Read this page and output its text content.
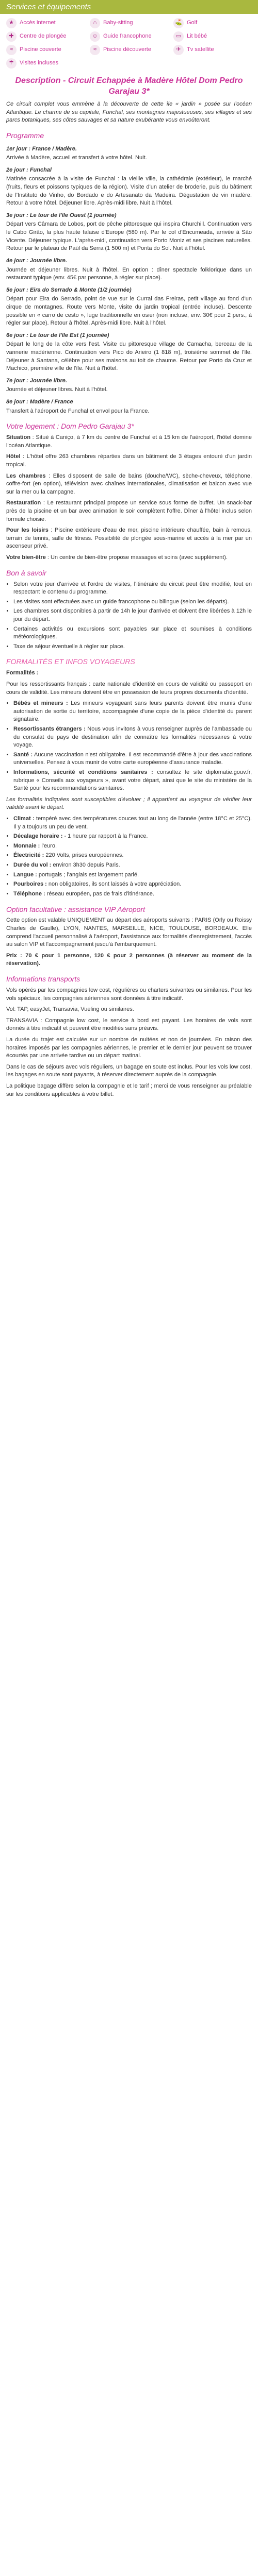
Services et équipements
★	Accès internet	⌂	Baby-sitting	⛳ Golf
✚	Centre de plongée	☺ Guide francophone	▭ Lit bébé
≈	Piscine couverte	≈	Piscine découverte	✈	Tv satellite
☂	Visites incluses
Description - Circuit Echappée à Madère Hôtel Dom Pedro Garajau 3*

Ce circuit complet vous emmène à la découverte de cette île « jardin » posée sur l'océan Atlantique. Le charme de sa capitale, Funchal, ses montagnes majestueuses, ses villages et ses parcs botaniques, ses côtes sauvages et sa nature exubérante vous envoûteront.

Programme
1er jour : France / Madère.

Arrivée à Madère, accueil et transfert à votre hôtel. Nuit.

2e jour : Funchal

Matinée consacrée à la visite de Funchal : la vieille ville, la cathédrale (extérieur), le marché (fruits, fleurs et poissons typiques de la région). Visite d'un atelier de broderie, puis du bâtiment de l'Instituto do Vinho, do Bordado e do Artesanato da Madeira. Dégustation de vin madère. Retour à votre hôtel. Déjeuner libre. Après-midi libre. Nuit à l'hôtel.

3e jour : Le tour de l'île Ouest (1 journée)

Départ vers Câmara de Lobos, port de pêche pittoresque qui inspira Churchill. Continuation vers le Cabo Girão, la plus haute falaise d'Europe (580 m). Par le col d'Encumeada, arrivée à São Vicente. Déjeuner typique. L'après-midi, continuation vers Porto Moniz et ses piscines naturelles. Retour par le plateau de Paúl da Serra (1 500 m) et Ponta do Sol. Nuit à l'hôtel.

4e jour : Journée libre.

Journée et déjeuner libres. Nuit à l'hôtel. En option : dîner spectacle folklorique dans un restaurant typique (env. 45€ par personne, à régler sur place).

5e jour : Eira do Serrado & Monte (1/2 journée)

Départ pour Eira do Serrado, point de vue sur le Curral das Freiras, petit village au fond d'un cirque de montagnes. Route vers Monte, visite du jardin tropical (entrée incluse). Descente possible en « carro de cesto », luge traditionnelle en osier (non incluse, env. 30€ pour 2 pers., à régler sur place). Retour à l'hôtel. Après-midi libre. Nuit à l'hôtel.

6e jour : Le tour de l'île Est (1 journée)

Départ le long de la côte vers l'est. Visite du pittoresque village de Camacha, berceau de la vannerie madérienne. Continuation vers Pico do Arieiro (1 818 m), troisième sommet de l'île. Déjeuner à Santana, célèbre pour ses maisons au toit de chaume. Retour par Porto da Cruz et Machico, première ville de l'île. Nuit à l'hôtel.

7e jour : Journée libre.

Journée et déjeuner libres. Nuit à l'hôtel.

8e jour : Madère / France

Transfert à l'aéroport de Funchal et envol pour la France.

Votre logement : Dom Pedro Garajau 3*

Situation : Situé à Caniço, à 7 km du centre de Funchal et à 15 km de l'aéroport, l'hôtel domine l'océan Atlantique.

Hôtel : L'hôtel offre 263 chambres réparties dans un bâtiment de 3 étages entouré d'un jardin tropical.

Les chambres : Elles disposent de salle de bains (douche/WC), sèche-cheveux, téléphone, coffre-fort (en option), télévision avec chaînes internationales, climatisation et balcon avec vue sur la mer ou la campagne.

Restauration : Le restaurant principal propose un service sous forme de buffet. Un snack-bar près de la piscine et un bar avec animation le soir complètent l'offre. Dîner à l'hôtel inclus selon formule choisie.

Pour les loisirs : Piscine extérieure d'eau de mer, piscine intérieure chauffée, bain à remous, terrain de tennis, salle de fitness. Possibilité de plongée sous-marine et accès à la mer par un ascenseur privé.

Votre bien-être : Un centre de bien-être propose massages et soins (avec supplément).

Bon à savoir
• Selon votre jour d'arrivée et l'ordre de visites, l'itinéraire du circuit peut être modifié, tout en respectant le contenu du programme.
• Les visites sont effectuées avec un guide francophone ou bilingue (selon les départs).
• Les chambres sont disponibles à partir de 14h le jour d'arrivée et doivent être libérées à 12h le jour du départ.
• Certaines activités ou excursions sont payables sur place et soumises à conditions météorologiques.
• Taxe de séjour éventuelle à régler sur place.
FORMALITÉS ET INFOS VOYAGEURS

Formalités :

Pour les ressortissants français : carte nationale d'identité en cours de validité ou passeport en cours de validité. Les mineurs doivent être en possession de leurs propres documents d'identité.

• Bébés et mineurs : Les mineurs voyageant sans leurs parents doivent être munis d'une autorisation de sortie du territoire, accompagnée d'une copie de la pièce d'identité du parent signataire.
• Ressortissants étrangers : Nous vous invitons à vous renseigner auprès de l'ambassade ou du consulat du pays de destination afin de connaître les formalités nécessaires à votre voyage.
• Santé : Aucune vaccination n'est obligatoire. Il est recommandé d'être à jour des vaccinations universelles. Pensez à vous munir de votre carte européenne d'assurance maladie.
• Informations, sécurité et conditions sanitaires : consultez le site diplomatie.gouv.fr, rubrique « Conseils aux voyageurs », avant votre départ, ainsi que le site du ministère de la Santé pour les recommandations sanitaires.

Les formalités indiquées sont susceptibles d'évoluer ; il appartient au voyageur de vérifier leur validité avant le départ.

• Climat : tempéré avec des températures douces tout au long de l'année (entre 18°C et 25°C). Il y a toujours un peu de vent.
• Décalage horaire : - 1 heure par rapport à la France.
• Monnaie : l'euro.
• Électricité : 220 Volts, prises européennes.
• Durée du vol : environ 3h30 depuis Paris.
• Langue : portugais ; l'anglais est largement parlé.
• Pourboires : non obligatoires, ils sont laissés à votre appréciation.
• Téléphone : réseau européen, pas de frais d'itinérance.
Option facultative : assistance VIP Aéroport

Cette option est valable UNIQUEMENT au départ des aéroports suivants : PARIS (Orly ou Roissy Charles de Gaulle), LYON, NANTES, MARSEILLE, NICE, TOULOUSE, BORDEAUX. Elle comprend l'accueil personnalisé à l'aéroport, l'assistance aux formalités d'enregistrement, l'accès au salon VIP et l'accompagnement jusqu'à l'embarquement.

Prix : 70 € pour 1 personne, 120 € pour 2 personnes (à réserver au moment de la réservation).

Informations transports

Vols opérés par les compagnies low cost, régulières ou charters suivantes ou similaires. Pour les vols spéciaux, les compagnies aériennes sont données à titre indicatif.

Vol: TAP, easyJet, Transavia, Vueling ou similaires.

TRANSAVIA : Compagnie low cost, le service à bord est payant. Les horaires de vols sont donnés à titre indicatif et peuvent être modifiés sans préavis.

La durée du trajet est calculée sur un nombre de nuitées et non de journées. En raison des horaires imposés par les compagnies aériennes, le premier et le dernier jour peuvent se trouver écourtés par une arrivée tardive ou un départ matinal.

Dans le cas de séjours avec vols réguliers, un bagage en soute est inclus. Pour les vols low cost, les bagages en soute sont payants, à réserver directement auprès de la compagnie.

La politique bagage diffère selon la compagnie et le tarif ; merci de vous renseigner au préalable sur les conditions applicables à votre billet.
